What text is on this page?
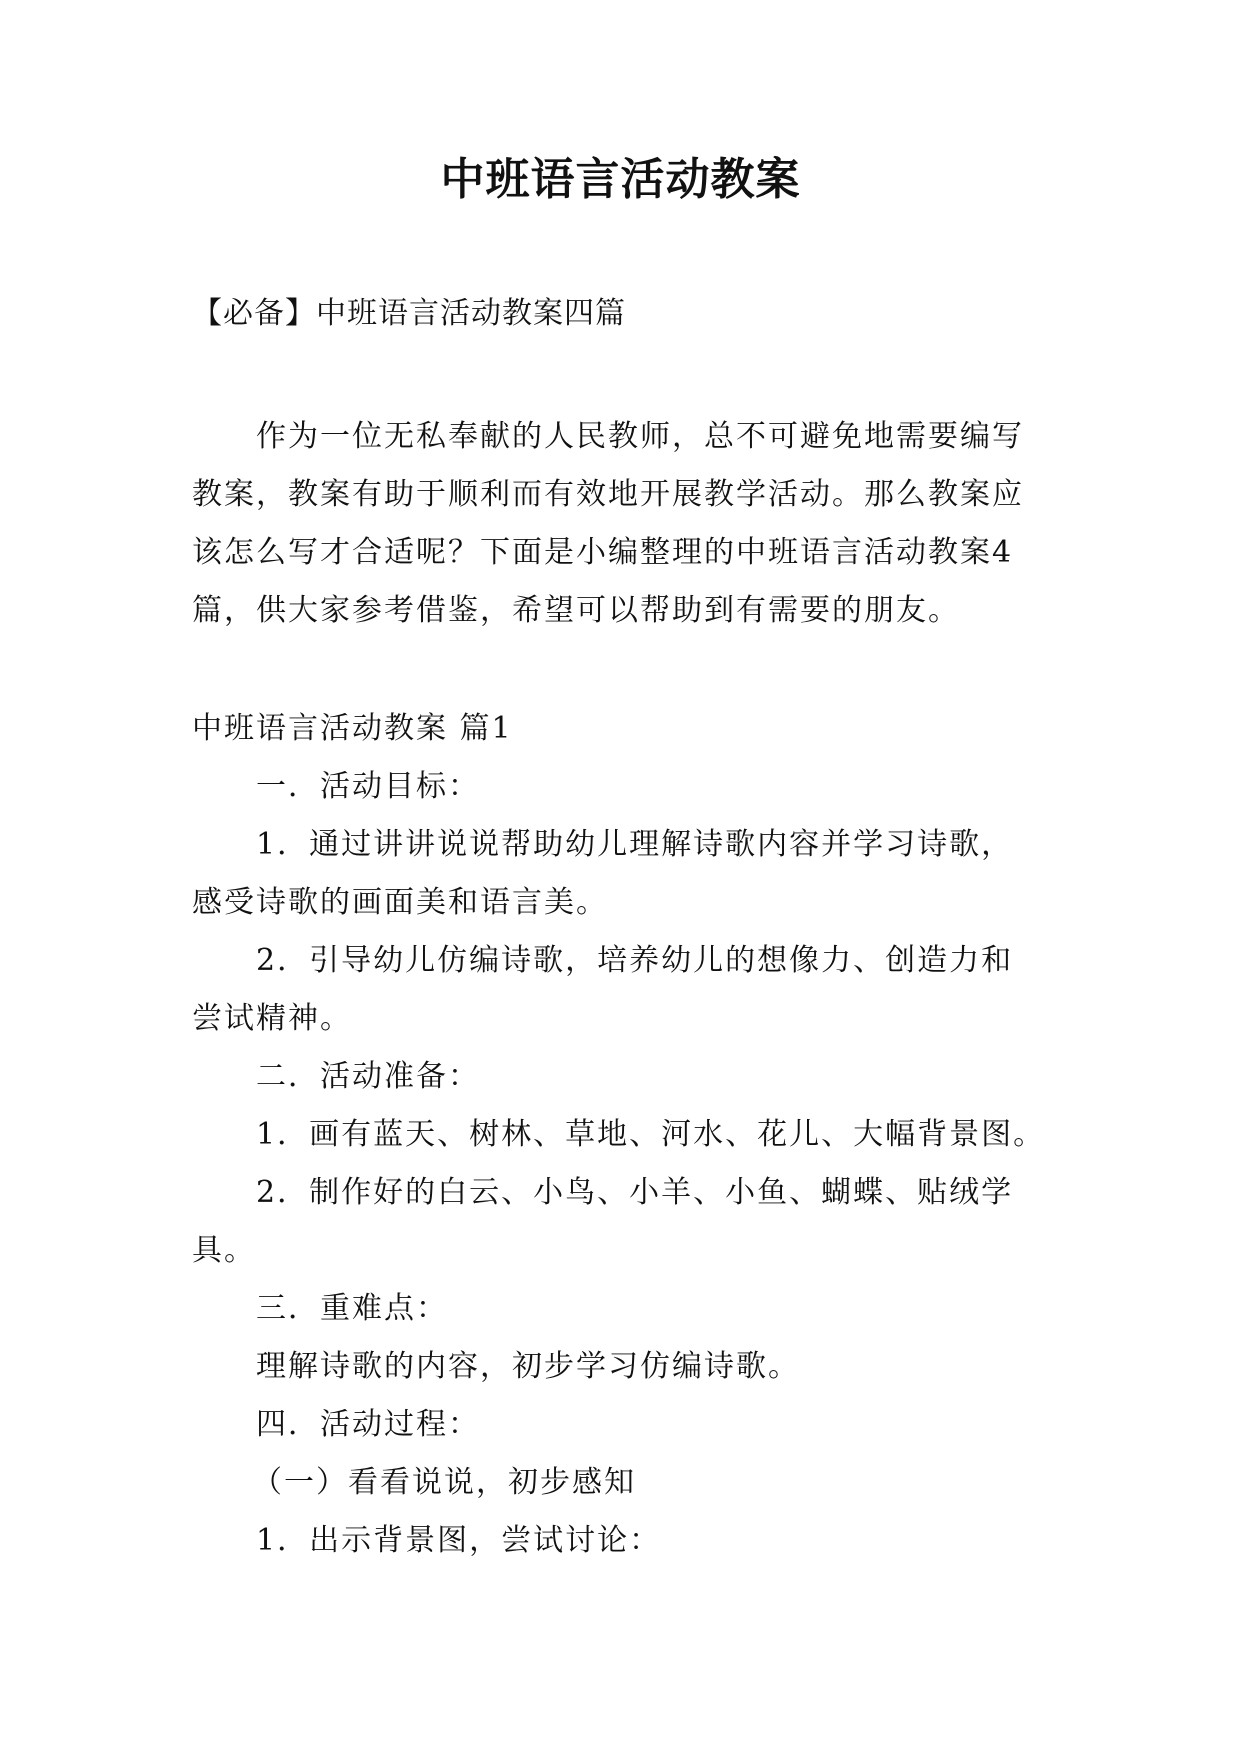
中班语言活动教案
【必备】中班语言活动教案四篇
作为一位无私奉献的人民教师，总不可避免地需要编写
教案，教案有助于顺利而有效地开展教学活动。那么教案应
该怎么写才合适呢？下面是小编整理的中班语言活动教案4
篇，供大家参考借鉴，希望可以帮助到有需要的朋友。
中班语言活动教案 篇1
一．活动目标：
1．通过讲讲说说帮助幼儿理解诗歌内容并学习诗歌，
感受诗歌的画面美和语言美。
2．引导幼儿仿编诗歌，培养幼儿的想像力、创造力和
尝试精神。
二．活动准备：
1．画有蓝天、树林、草地、河水、花儿、大幅背景图。
2．制作好的白云、小鸟、小羊、小鱼、蝴蝶、贴绒学
具。
三．重难点：
理解诗歌的内容，初步学习仿编诗歌。
四．活动过程：
（一）看看说说，初步感知
1．出示背景图，尝试讨论：
